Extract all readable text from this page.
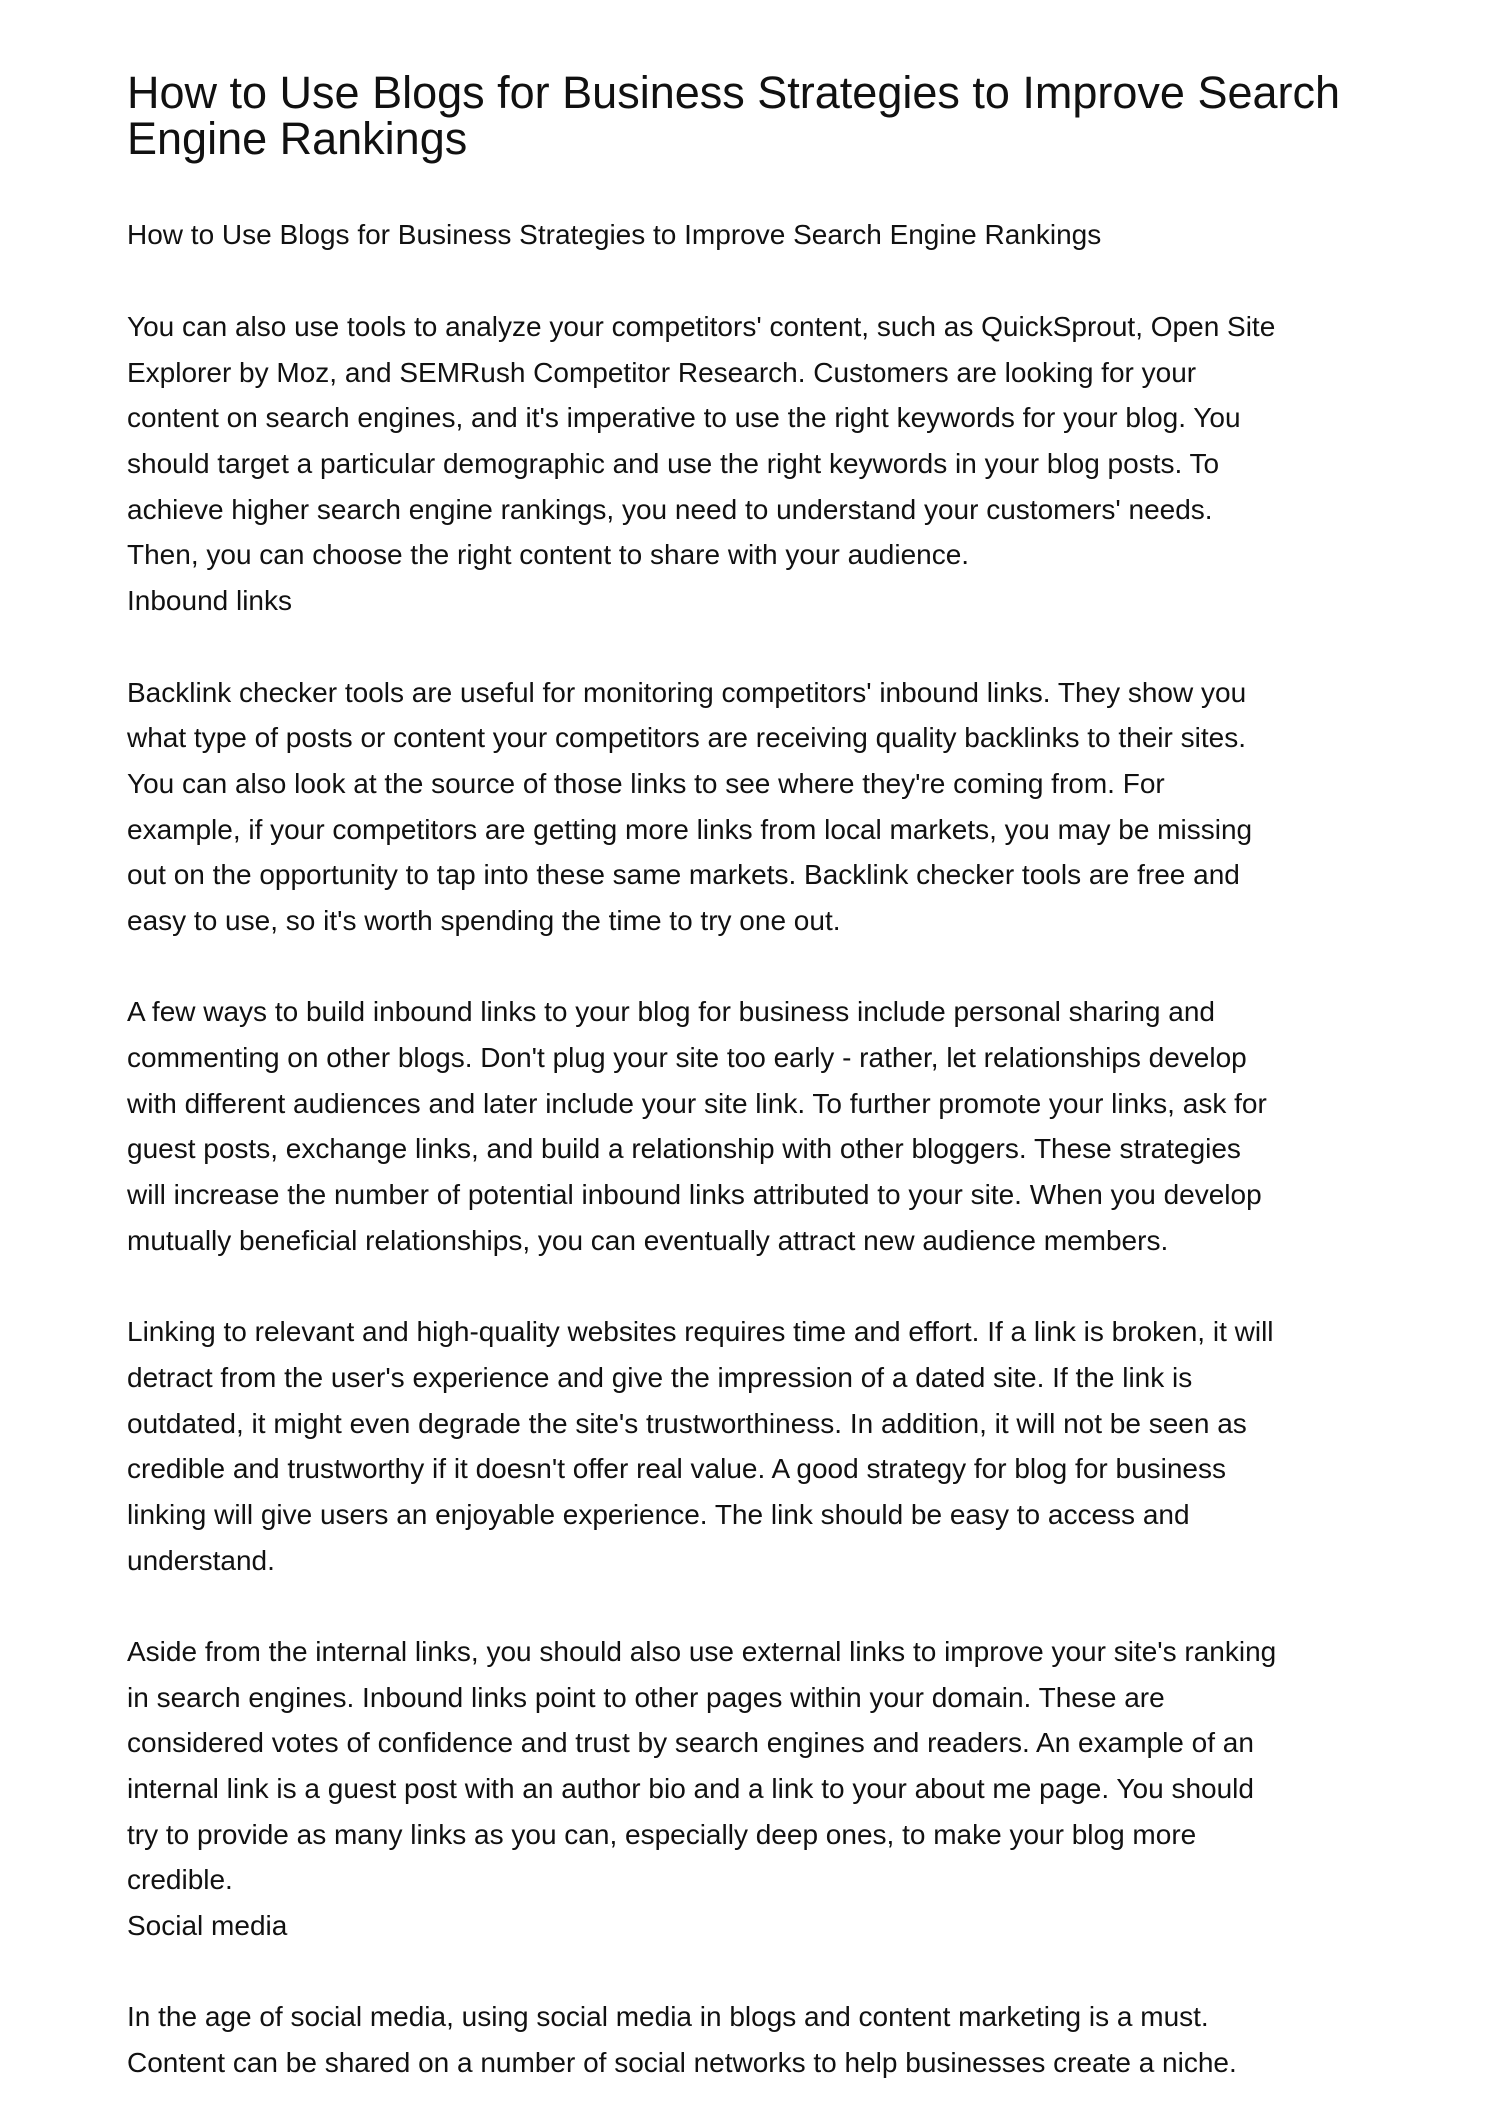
How to Use Blogs for Business Strategies to Improve Search Engine Rankings

How to Use Blogs for Business Strategies to Improve Search Engine Rankings

You can also use tools to analyze your competitors' content, such as QuickSprout, Open Site
Explorer by Moz, and SEMRush Competitor Research. Customers are looking for your
content on search engines, and it's imperative to use the right keywords for your blog. You
should target a particular demographic and use the right keywords in your blog posts. To
achieve higher search engine rankings, you need to understand your customers' needs.
Then, you can choose the right content to share with your audience.
Inbound links
Backlink checker tools are useful for monitoring competitors' inbound links. They show you
what type of posts or content your competitors are receiving quality backlinks to their sites.
You can also look at the source of those links to see where they're coming from. For
example, if your competitors are getting more links from local markets, you may be missing
out on the opportunity to tap into these same markets. Backlink checker tools are free and
easy to use, so it's worth spending the time to try one out.
A few ways to build inbound links to your blog for business include personal sharing and
commenting on other blogs. Don't plug your site too early - rather, let relationships develop
with different audiences and later include your site link. To further promote your links, ask for
guest posts, exchange links, and build a relationship with other bloggers. These strategies
will increase the number of potential inbound links attributed to your site. When you develop
mutually beneficial relationships, you can eventually attract new audience members.
Linking to relevant and high-quality websites requires time and effort. If a link is broken, it will
detract from the user's experience and give the impression of a dated site. If the link is
outdated, it might even degrade the site's trustworthiness. In addition, it will not be seen as
credible and trustworthy if it doesn't offer real value. A good strategy for blog for business
linking will give users an enjoyable experience. The link should be easy to access and
understand.
Aside from the internal links, you should also use external links to improve your site's ranking
in search engines. Inbound links point to other pages within your domain. These are
considered votes of confidence and trust by search engines and readers. An example of an
internal link is a guest post with an author bio and a link to your about me page. You should
try to provide as many links as you can, especially deep ones, to make your blog more
credible.
Social media
In the age of social media, using social media in blogs and content marketing is a must.
Content can be shared on a number of social networks to help businesses create a niche.
